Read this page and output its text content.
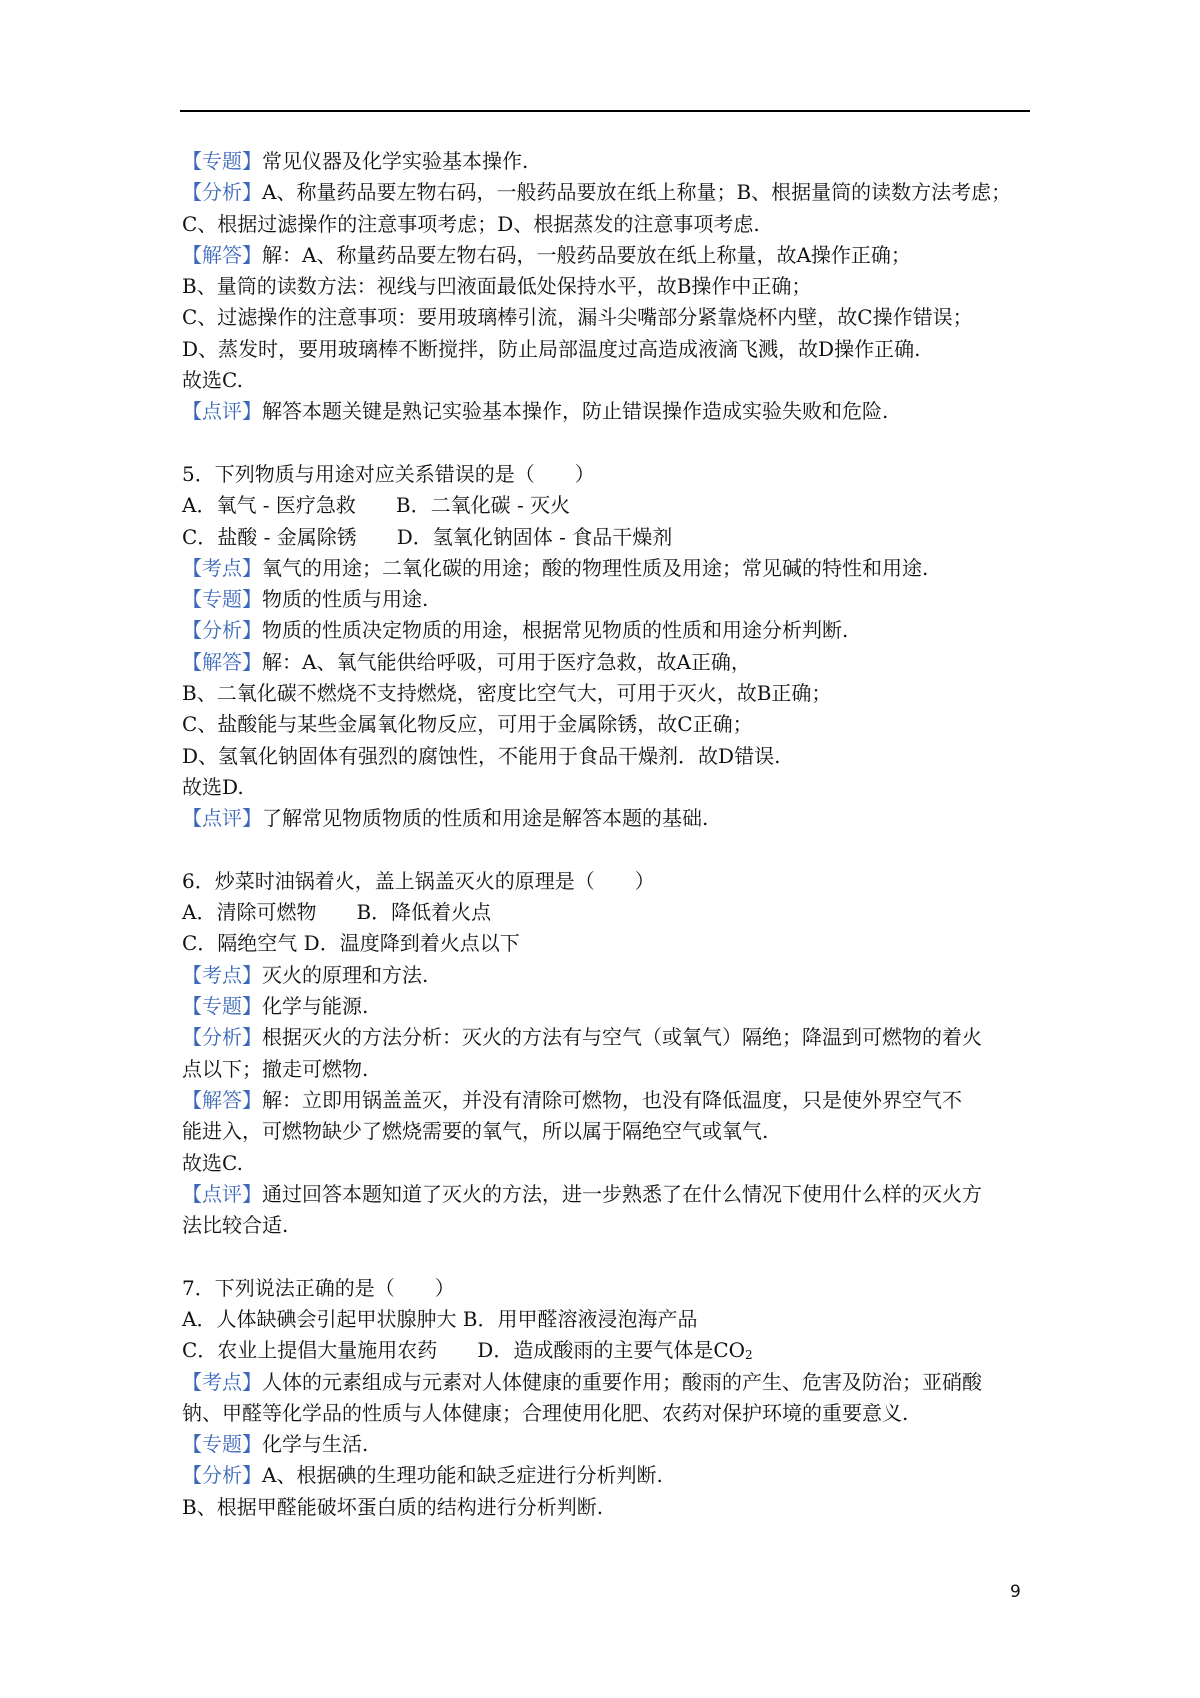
【专题】常见仪器及化学实验基本操作.
【分析】A、称量药品要左物右码，一般药品要放在纸上称量；B、根据量筒的读数方法考虑；
C、根据过滤操作的注意事项考虑；D、根据蒸发的注意事项考虑.
【解答】解：A、称量药品要左物右码，一般药品要放在纸上称量，故A操作正确；
B、量筒的读数方法：视线与凹液面最低处保持水平，故B操作中正确；
C、过滤操作的注意事项：要用玻璃棒引流，漏斗尖嘴部分紧靠烧杯内壁，故C操作错误；
D、蒸发时，要用玻璃棒不断搅拌，防止局部温度过高造成液滴飞溅，故D操作正确.
故选C.
【点评】解答本题关键是熟记实验基本操作，防止错误操作造成实验失败和危险.
5．下列物质与用途对应关系错误的是（　　）
A．氧气 - 医疗急救　　B．二氧化碳 - 灭火
C．盐酸 - 金属除锈　　D．氢氧化钠固体 - 食品干燥剂
【考点】氧气的用途；二氧化碳的用途；酸的物理性质及用途；常见碱的特性和用途.
【专题】物质的性质与用途.
【分析】物质的性质决定物质的用途，根据常见物质的性质和用途分析判断.
【解答】解：A、氧气能供给呼吸，可用于医疗急救，故A正确，
B、二氧化碳不燃烧不支持燃烧，密度比空气大，可用于灭火，故B正确；
C、盐酸能与某些金属氧化物反应，可用于金属除锈，故C正确；
D、氢氧化钠固体有强烈的腐蚀性，不能用于食品干燥剂．故D错误.
故选D.
【点评】了解常见物质物质的性质和用途是解答本题的基础.
6．炒菜时油锅着火，盖上锅盖灭火的原理是（　　）
A．清除可燃物　　B．降低着火点
C．隔绝空气 D．温度降到着火点以下
【考点】灭火的原理和方法.
【专题】化学与能源.
【分析】根据灭火的方法分析：灭火的方法有与空气（或氧气）隔绝；降温到可燃物的着火
点以下；撤走可燃物.
【解答】解：立即用锅盖盖灭，并没有清除可燃物，也没有降低温度，只是使外界空气不
能进入，可燃物缺少了燃烧需要的氧气，所以属于隔绝空气或氧气.
故选C.
【点评】通过回答本题知道了灭火的方法，进一步熟悉了在什么情况下使用什么样的灭火方
法比较合适.
7．下列说法正确的是（　　）
A．人体缺碘会引起甲状腺肿大 B．用甲醛溶液浸泡海产品
C．农业上提倡大量施用农药　　D．造成酸雨的主要气体是$CO_2$
【考点】人体的元素组成与元素对人体健康的重要作用；酸雨的产生、危害及防治；亚硝酸
钠、甲醛等化学品的性质与人体健康；合理使用化肥、农药对保护环境的重要意义.
【专题】化学与生活.
【分析】A、根据碘的生理功能和缺乏症进行分析判断.
B、根据甲醛能破坏蛋白质的结构进行分析判断.
9
